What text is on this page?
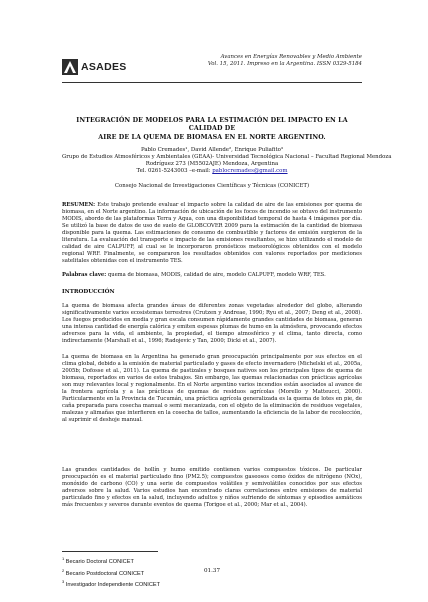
ASADES
Avances en Energías Renovables y Medio Ambiente
Vol. 15, 2011. Impreso en la Argentina. ISSN 0329-5184
INTEGRACIÓN DE MODELOS PARA LA ESTIMACIÓN DEL IMPACTO EN LA CALIDAD DE
AIRE DE LA QUEMA DE BIOMASA EN EL NORTE ARGENTINO.
Pablo Cremades¹, David Allende², Enrique Puliafito³
Grupo de Estudios Atmosféricos y Ambientales (GEAA)- Universidad Tecnológica Nacional – Facultad Regional Mendoza
Rodríguez 273 (M5502AJE) Mendoza, Argentina
Tel. 0261-5243003 –e-mail: pablocremades@gmail.com
Consejo Nacional de Investigaciones Científicas y Técnicas (CONICET)
RESUMEN: Este trabajo pretende evaluar el impacto sobre la calidad de aire de las emisiones por quema de biomasa, en el Norte argentino. La información de ubicación de los focos de incendio se obtuvo del instrumento MODIS, abordo de las plataformas Terra y Aqua, con una disponibilidad temporal de hasta 4 imágenes por día. Se utilizó la base de datos de uso de suelo de GLOBCOVER 2009 para la estimación de la cantidad de biomasa disponible para la quema. Las estimaciones de consumo de combustible y factores de emisión surgieron de la literatura. La evaluación del transporte e impacto de las emisiones resultantes, se hizo utilizando el modelo de calidad de aire CALPUFF, al cual se le incorporaron pronósticos meteorológicos obtenidos con el modelo regional WRF. Finalmente, se compararon los resultados obtenidos con valores reportados por mediciones satelitales obtenidas con el instrumento TES.
Palabras clave: quema de biomasa, MODIS, calidad de aire, modelo CALPUFF, modelo WRF, TES.
INTRODUCCIÓN
La quema de biomasa afecta grandes áreas de diferentes zonas vegetadas alrededor del globo, alterando significativamente varios ecosistemas terrestres (Crutzen y Andreae, 1990; Ryu et al., 2007; Deng et al., 2008). Los fuegos producidos en media y gran escala consumen rápidamente grandes cantidades de biomasa, generan una intensa cantidad de energía calórica y emiten espesas plumas de humo en la atmósfera, provocando efectos adversos para la vida, el ambiente, la propiedad, el tiempo atmosférico y el clima, tanto directa, como indirectamente (Marshall et al., 1996; Radojevic y Tan, 2000; Dicki et al., 2007).
La quema de biomasa en la Argentina ha generado gran preocupación principalmente por sus efectos en el clima global, debido a la emisión de material particulado y gases de efecto invernadero (Michelski et al., 2005a, 2005b; Dofosse et al., 2011). La quema de pastizales y bosques nativos son los principales tipos de quema de biomasa, reportados en varios de estos trabajos. Sin embargo, las quemas relacionadas con prácticas agrícolas son muy relevantes local y regionalmente. En el Norte argentino varios incendios están asociados al avance de la frontera agrícola y a las prácticas de quemas de residuos agrícolas (Morello y Matteucci, 2000). Particularmente en la Provincia de Tucumán, una práctica agrícola generalizada es la quema de lotes en pie, de caña preparada para cosecha manual o semi mecanizada, con el objeto de la eliminación de residuos vegetales, malezas y alimañas que interfieren en la cosecha de tallos, aumentando la eficiencia de la labor de recolección, al suprimir el deshoje manual.
Las grandes cantidades de hollín y humo emitido contienen varios compuestos tóxicos. De particular preocupación es el material particulado fino (PM2.5); compuestos gaseosos como óxidos de nitrógeno (NOx), monóxido de carbono (CO) y una serie de compuestos volátiles y semivolátiles conocidos por sus efectos adversos sobre la salud. Varios estudios han encontrado claras correlaciones entre emisiones de material particulado fino y efectos en la salud, incluyendo adultos y niños sufriendo de síntomas y episodios asmáticos más frecuentes y severos durante eventos de quema (Torigoe et al., 2000; Mar et al., 2004).
$^1$ Becario Doctoral CONICET
$^2$ Becario Postdoctoral CONICET
$^3$ Investigador Independiente CONICET
01.37
